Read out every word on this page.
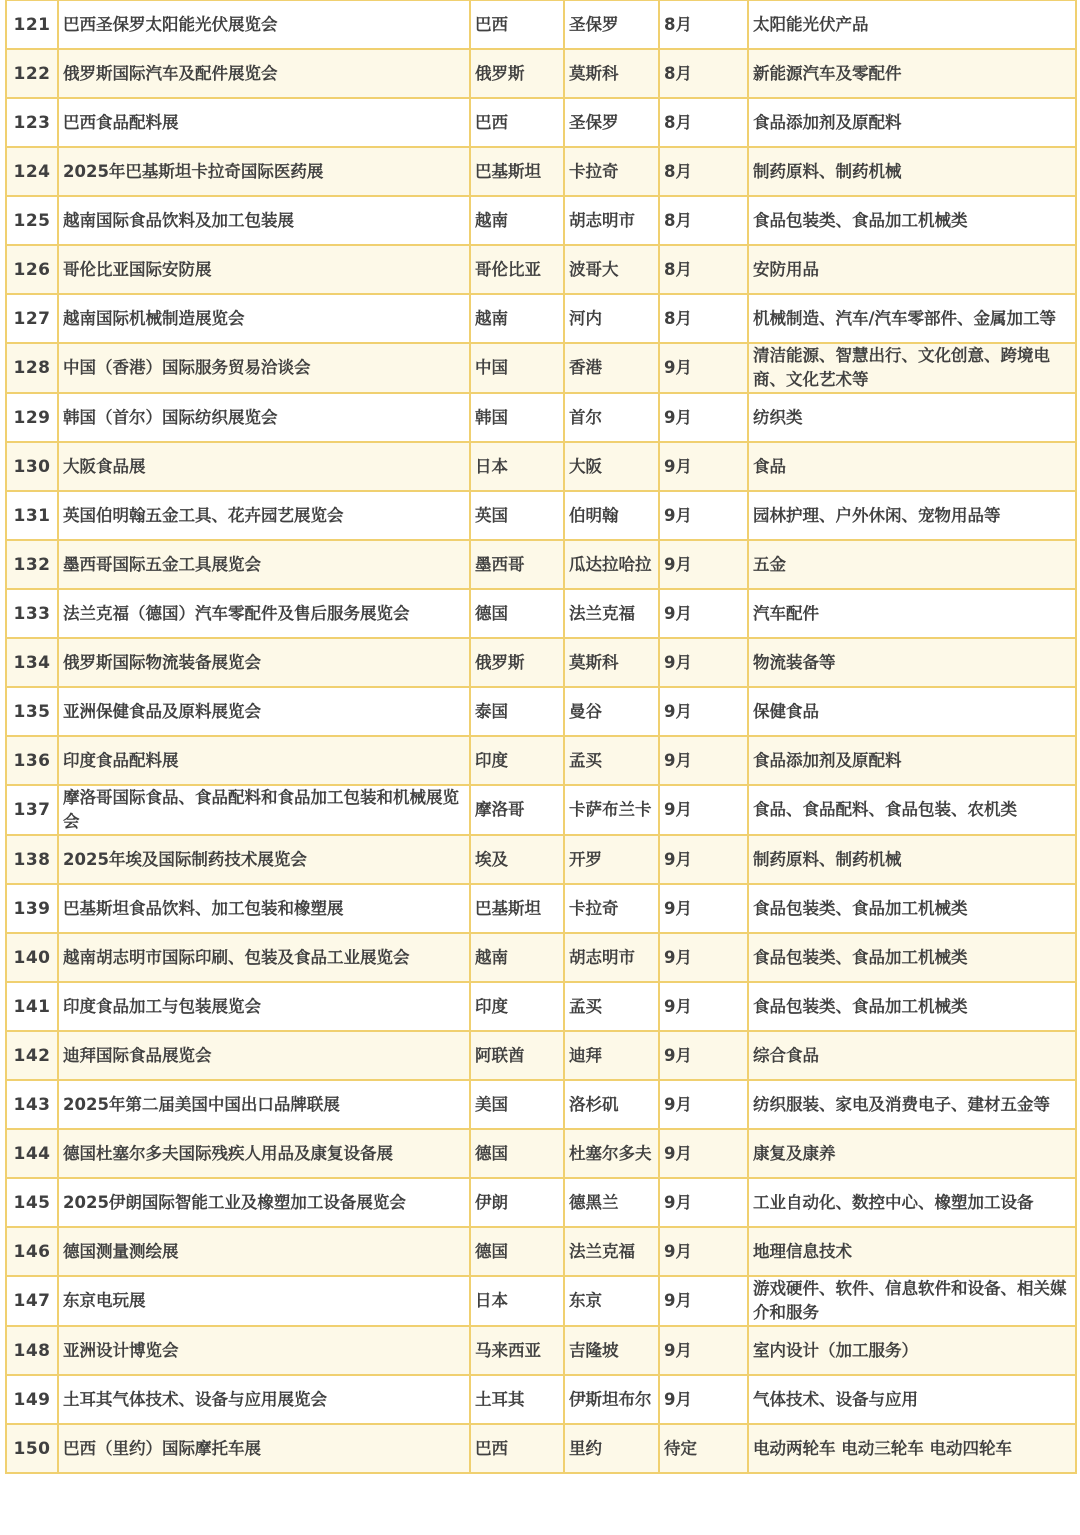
121	巴西圣保罗太阳能光伏展览会	巴西	圣保罗	8月	太阳能光伏产品
122	俄罗斯国际汽车及配件展览会	俄罗斯	莫斯科	8月	新能源汽车及零配件
123	巴西食品配料展	巴西	圣保罗	8月	食品添加剂及原配料
124	2025年巴基斯坦卡拉奇国际医药展	巴基斯坦	卡拉奇	8月	制药原料、制药机械
125	越南国际食品饮料及加工包装展	越南	胡志明市	8月	食品包装类、食品加工机械类
126	哥伦比亚国际安防展	哥伦比亚	波哥大	8月	安防用品
127	越南国际机械制造展览会	越南	河内	8月	机械制造、汽车/汽车零部件、金属加工等
128	中国（香港）国际服务贸易洽谈会	中国	香港	9月	清洁能源、智慧出行、文化创意、跨境电商、文化艺术等
129	韩国（首尔）国际纺织展览会	韩国	首尔	9月	纺织类
130	大阪食品展	日本	大阪	9月	食品
131	英国伯明翰五金工具、花卉园艺展览会	英国	伯明翰	9月	园林护理、户外休闲、宠物用品等
132	墨西哥国际五金工具展览会	墨西哥	瓜达拉哈拉	9月	五金
133	法兰克福（德国）汽车零配件及售后服务展览会	德国	法兰克福	9月	汽车配件
134	俄罗斯国际物流装备展览会	俄罗斯	莫斯科	9月	物流装备等
135	亚洲保健食品及原料展览会	泰国	曼谷	9月	保健食品
136	印度食品配料展	印度	孟买	9月	食品添加剂及原配料
137	摩洛哥国际食品、食品配料和食品加工包装和机械展览会	摩洛哥	卡萨布兰卡	9月	食品、食品配料、食品包装、农机类
138	2025年埃及国际制药技术展览会	埃及	开罗	9月	制药原料、制药机械
139	巴基斯坦食品饮料、加工包装和橡塑展	巴基斯坦	卡拉奇	9月	食品包装类、食品加工机械类
140	越南胡志明市国际印刷、包装及食品工业展览会	越南	胡志明市	9月	食品包装类、食品加工机械类
141	印度食品加工与包装展览会	印度	孟买	9月	食品包装类、食品加工机械类
142	迪拜国际食品展览会	阿联酋	迪拜	9月	综合食品
143	2025年第二届美国中国出口品牌联展	美国	洛杉矶	9月	纺织服装、家电及消费电子、建材五金等
144	德国杜塞尔多夫国际残疾人用品及康复设备展	德国	杜塞尔多夫	9月	康复及康养
145	2025伊朗国际智能工业及橡塑加工设备展览会	伊朗	德黑兰	9月	工业自动化、数控中心、橡塑加工设备
146	德国测量测绘展	德国	法兰克福	9月	地理信息技术
147	东京电玩展	日本	东京	9月	游戏硬件、软件、信息软件和设备、相关媒介和服务
148	亚洲设计博览会	马来西亚	吉隆坡	9月	室内设计（加工服务）
149	土耳其气体技术、设备与应用展览会	土耳其	伊斯坦布尔	9月	气体技术、设备与应用
150	巴西（里约）国际摩托车展	巴西	里约	待定	电动两轮车 电动三轮车 电动四轮车
